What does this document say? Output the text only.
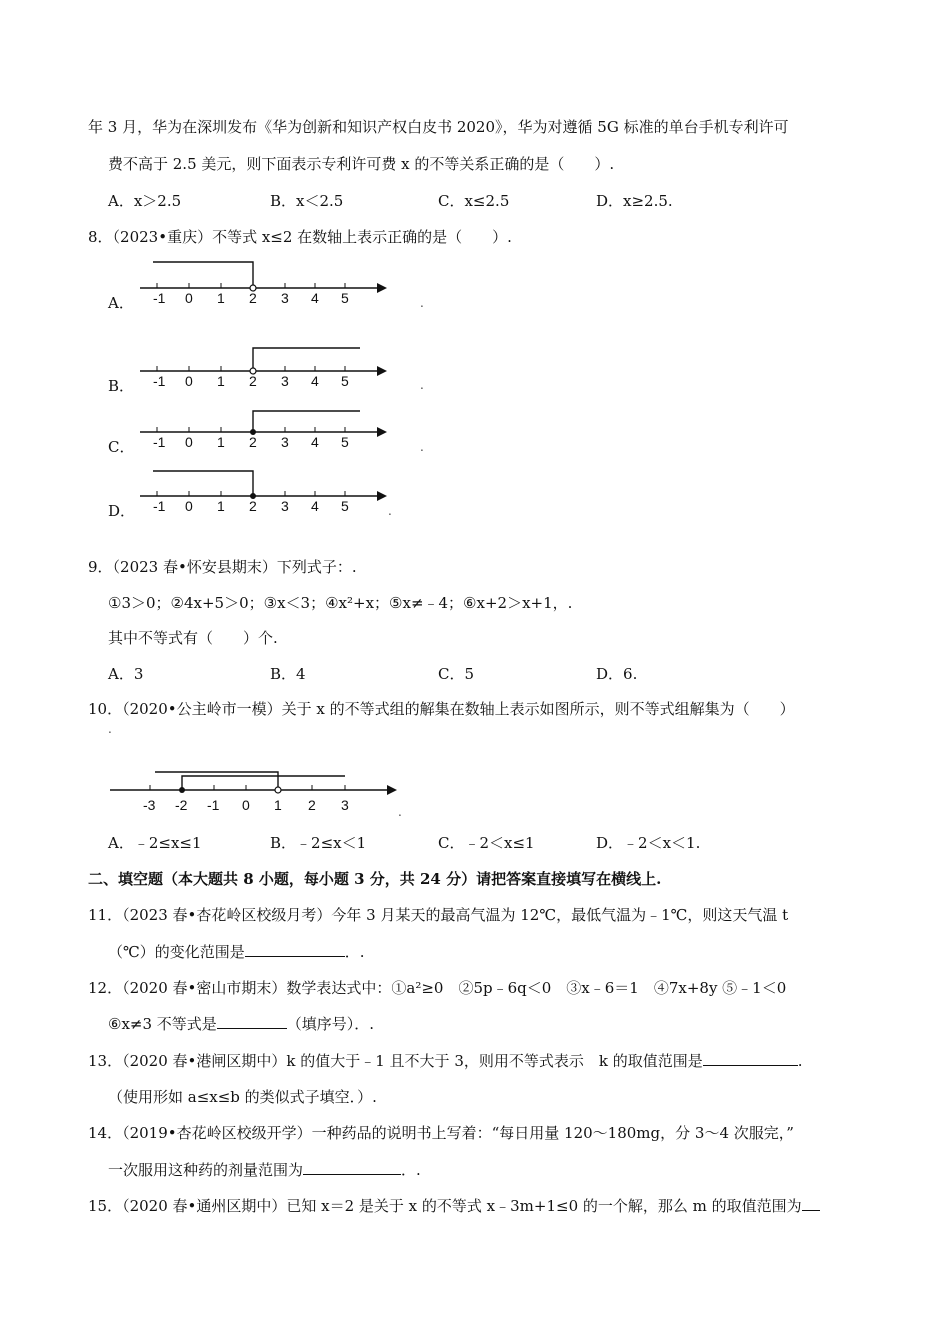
年 3 月，华为在深圳发布《华为创新和知识产权白皮书 2020》，华为对遵循 5G 标准的单台手机专利许可
费不高于 2.5 美元，则下面表示专利许可费 x 的不等关系正确的是（　　）.
A．x＞2.5	B．x＜2.5	C．x≤2.5	D．x≥2.5.
8．（2023•重庆）不等式 x≤2 在数轴上表示正确的是（　　）.
A． -1 0 1 2 3 4 5	.
B． -1 0 1 2 3 4 5	.
C． -1 0 1 2 3 4 5	.
D． -1 0 1 2 3 4 5	.
9．（2023 春•怀安县期末）下列式子：.
①3＞0；②4x+5＞0；③x＜3；④x²+x；⑤x≠﹣4；⑥x+2＞x+1，.
其中不等式有（　　）个.
A．3	B．4	C．5	D．6.
10．（2020•公主岭市一模）关于 x 的不等式组的解集在数轴上表示如图所示，则不等式组解集为（　　）
.
-3 -2 -1 0 1 2 3	.
A．﹣2≤x≤1	B．﹣2≤x＜1	C．﹣2＜x≤1	D．﹣2＜x＜1.
二、填空题（本大题共 8 小题，每小题 3 分，共 24 分）请把答案直接填写在横线上.
11．（2023 春•杏花岭区校级月考）今年 3 月某天的最高气温为 12℃，最低气温为﹣1℃，则这天气温 t
（℃）的变化范围是	．.
12．（2020 春•密山市期末）数学表达式中：①a²≥0　②5p﹣6q＜0　③x﹣6＝1　④7x+8y ⑤﹣1＜0
⑥x≠3 不等式是	（填序号）．.
13．（2020 春•港闸区期中）k 的值大于﹣1 且不大于 3，则用不等式表示　k 的取值范围是	.
（使用形如 a≤x≤b 的类似式子填空．）.
14．（2019•杏花岭区校级开学）一种药品的说明书上写着：“每日用量 120～180mg，分 3～4 次服完，”
一次服用这种药的剂量范围为	．.
15．（2020 春•通州区期中）已知 x＝2 是关于 x 的不等式 x﹣3m+1≤0 的一个解，那么 m 的取值范围为
